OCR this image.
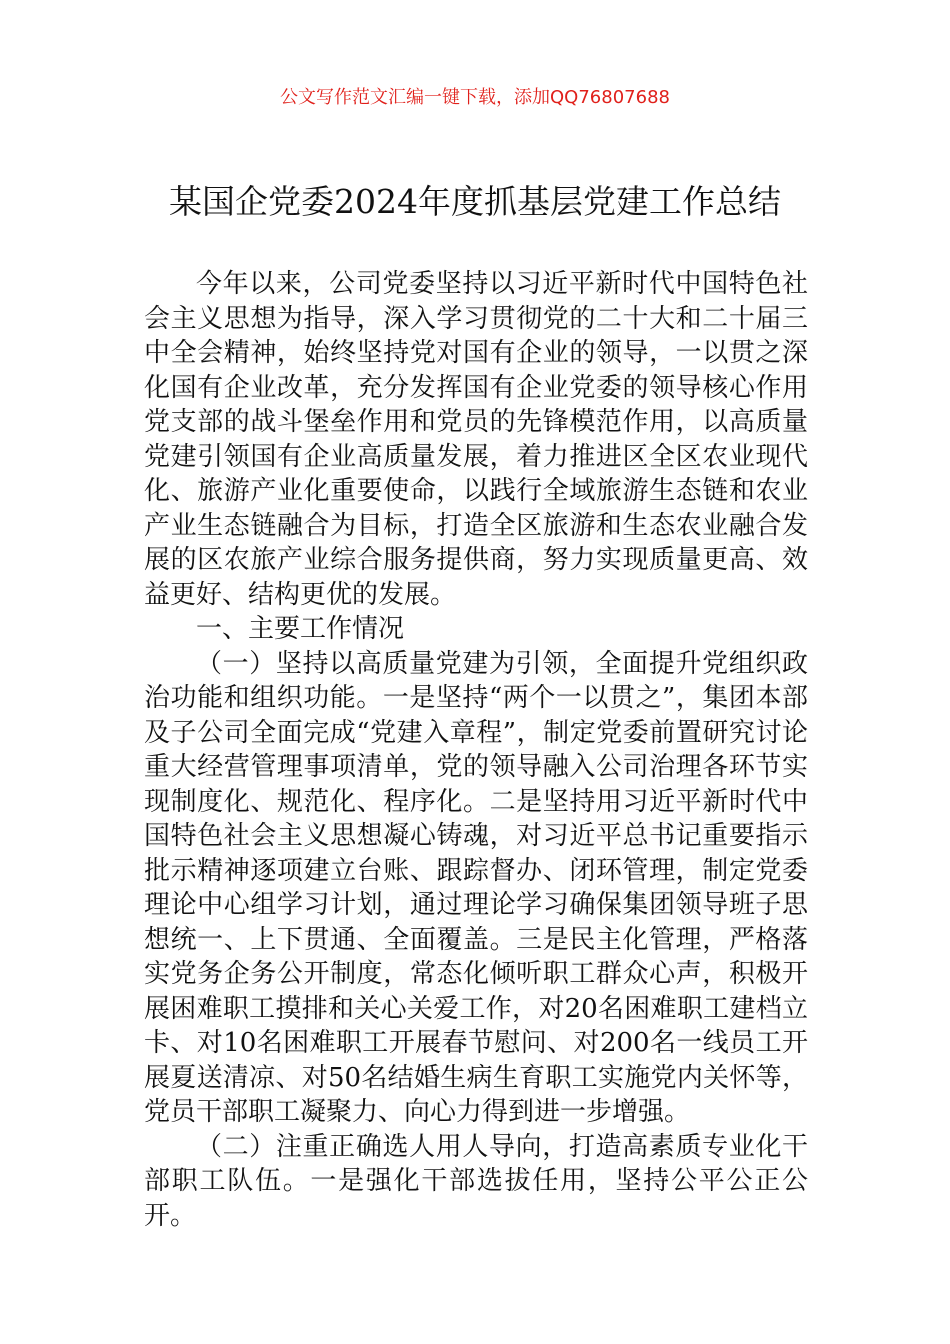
公文写作范文汇编一键下载，添加QQ76807688

某国企党委2024年度抓基层党建工作总结

今年以来，公司党委坚持以习近平新时代中国特色社会主义思想为指导，深入学习贯彻党的二十大和二十届三中全会精神，始终坚持党对国有企业的领导，一以贯之深化国有企业改革，充分发挥国有企业党委的领导核心作用党支部的战斗堡垒作用和党员的先锋模范作用，以高质量党建引领国有企业高质量发展，着力推进区全区农业现代化、旅游产业化重要使命，以践行全域旅游生态链和农业产业生态链融合为目标，打造全区旅游和生态农业融合发展的区农旅产业综合服务提供商，努力实现质量更高、效益更好、结构更优的发展。

一、主要工作情况

（一）坚持以高质量党建为引领，全面提升党组织政治功能和组织功能。一是坚持“两个一以贯之”，集团本部及子公司全面完成“党建入章程”，制定党委前置研究讨论重大经营管理事项清单，党的领导融入公司治理各环节实现制度化、规范化、程序化。二是坚持用习近平新时代中国特色社会主义思想凝心铸魂，对习近平总书记重要指示批示精神逐项建立台账、跟踪督办、闭环管理，制定党委理论中心组学习计划，通过理论学习确保集团领导班子思想统一、上下贯通、全面覆盖。三是民主化管理，严格落实党务企务公开制度，常态化倾听职工群众心声，积极开展困难职工摸排和关心关爱工作，对20名困难职工建档立卡、对10名困难职工开展春节慰问、对200名一线员工开展夏送清凉、对50名结婚生病生育职工实施党内关怀等，党员干部职工凝聚力、向心力得到进一步增强。

（二）注重正确选人用人导向，打造高素质专业化干部职工队伍。一是强化干部选拔任用，坚持公平公正公开。
